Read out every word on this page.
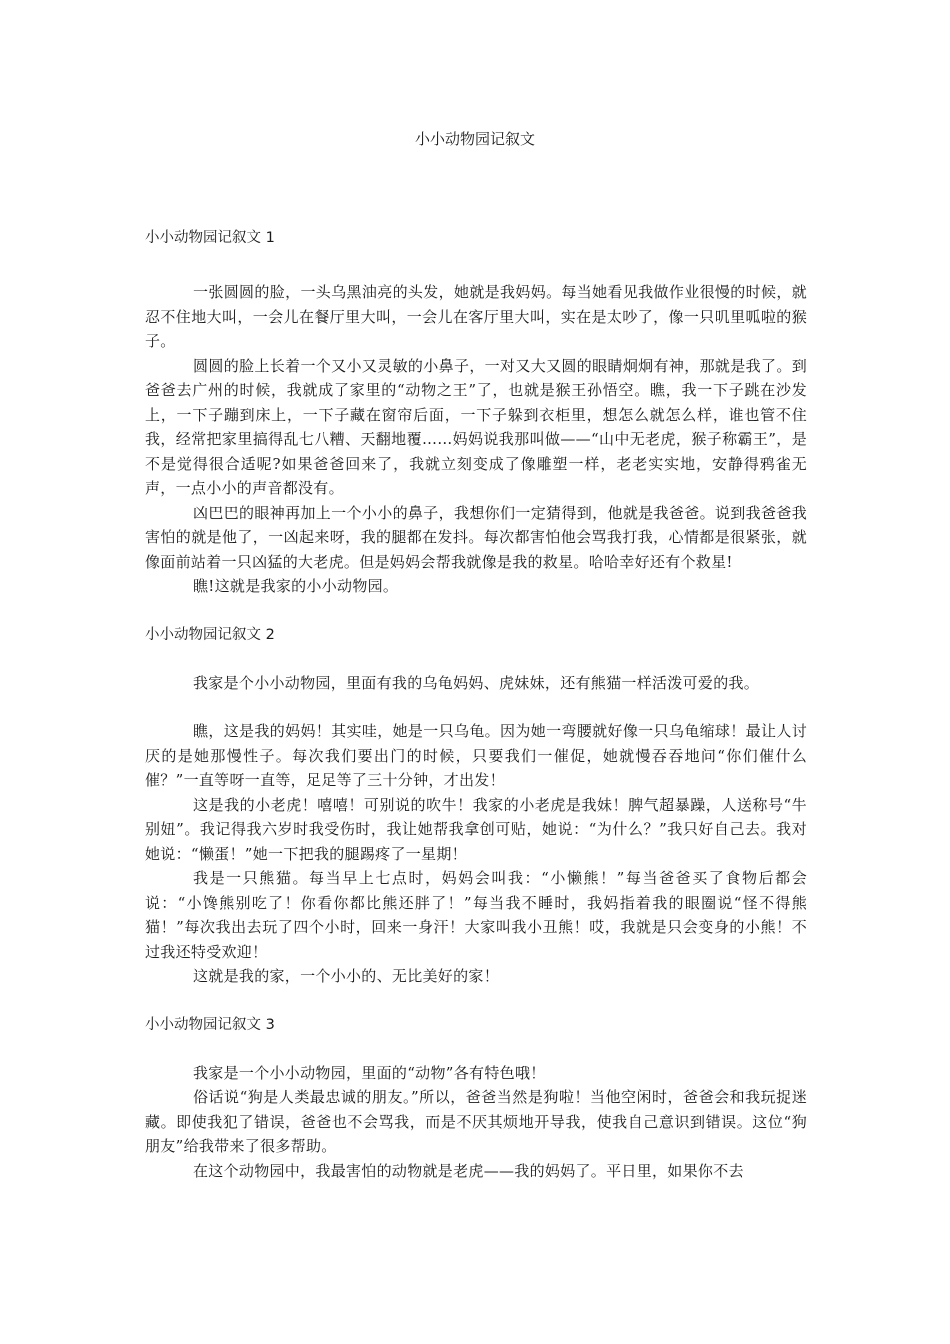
小小动物园记叙文

小小动物园记叙文 1

一张圆圆的脸，一头乌黑油亮的头发，她就是我妈妈。每当她看见我做作业很慢的时候，就忍不住地大叫，一会儿在餐厅里大叫，一会儿在客厅里大叫，实在是太吵了，像一只叽里呱啦的猴子。

圆圆的脸上长着一个又小又灵敏的小鼻子，一对又大又圆的眼睛炯炯有神，那就是我了。到爸爸去广州的时候，我就成了家里的“动物之王”了，也就是猴王孙悟空。瞧，我一下子跳在沙发上，一下子蹦到床上，一下子藏在窗帘后面，一下子躲到衣柜里，想怎么就怎么样，谁也管不住我，经常把家里搞得乱七八糟、天翻地覆……妈妈说我那叫做——“山中无老虎，猴子称霸王”，是不是觉得很合适呢?如果爸爸回来了，我就立刻变成了像雕塑一样，老老实实地，安静得鸦雀无声，一点小小的声音都没有。

凶巴巴的眼神再加上一个小小的鼻子，我想你们一定猜得到，他就是我爸爸。说到我爸爸我害怕的就是他了，一凶起来呀，我的腿都在发抖。每次都害怕他会骂我打我，心情都是很紧张，就像面前站着一只凶猛的大老虎。但是妈妈会帮我就像是我的救星。哈哈幸好还有个救星!

瞧!这就是我家的小小动物园。

小小动物园记叙文 2

我家是个小小动物园，里面有我的乌龟妈妈、虎妹妹，还有熊猫一样活泼可爱的我。

瞧，这是我的妈妈！其实哇，她是一只乌龟。因为她一弯腰就好像一只乌龟缩球！最让人讨厌的是她那慢性子。每次我们要出门的时候，只要我们一催促，她就慢吞吞地问“你们催什么催？”一直等呀一直等，足足等了三十分钟，才出发！

这是我的小老虎！嘻嘻！可别说的吹牛！我家的小老虎是我妹！脾气超暴躁，人送称号“牛别妞”。我记得我六岁时我受伤时，我让她帮我拿创可贴，她说：“为什么？”我只好自己去。我对她说：“懒蛋！”她一下把我的腿踢疼了一星期！

我是一只熊猫。每当早上七点时，妈妈会叫我：“小懒熊！”每当爸爸买了食物后都会说：“小馋熊别吃了！你看你都比熊还胖了！”每当我不睡时，我妈指着我的眼圈说“怪不得熊猫！”每次我出去玩了四个小时，回来一身汗！大家叫我小丑熊！哎，我就是只会变身的小熊！不过我还特受欢迎！

这就是我的家，一个小小的、无比美好的家！

小小动物园记叙文 3

我家是一个小小动物园，里面的“动物”各有特色哦！

俗话说“狗是人类最忠诚的朋友。”所以，爸爸当然是狗啦！当他空闲时，爸爸会和我玩捉迷藏。即使我犯了错误，爸爸也不会骂我，而是不厌其烦地开导我，使我自己意识到错误。这位“狗朋友”给我带来了很多帮助。

在这个动物园中，我最害怕的动物就是老虎——我的妈妈了。平日里，如果你不去
